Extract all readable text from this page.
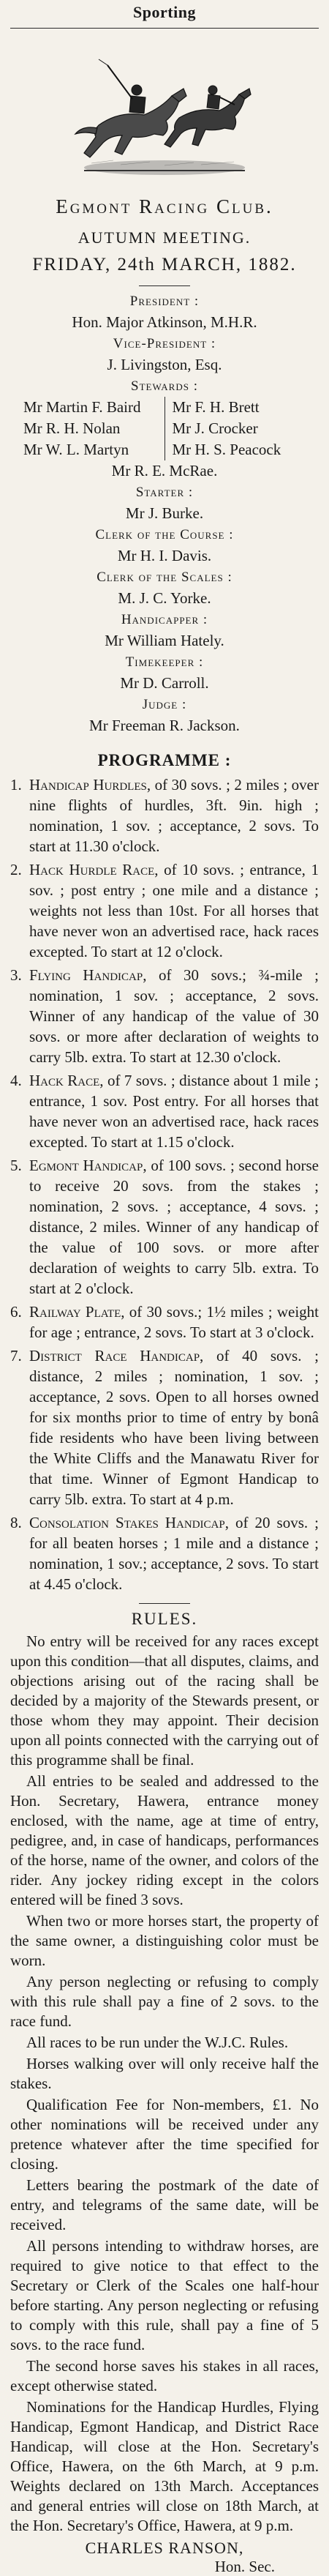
Sporting
Egmont Racing Club.
AUTUMN MEETING.
FRIDAY, 24th MARCH, 1882.
President :
Hon. Major Atkinson, M.H.R.
Vice-President :
J. Livingston, Esq.
Stewards :
Mr Martin F. Baird
Mr R. H. Nolan
Mr W. L. Martyn
Mr F. H. Brett
Mr J. Crocker
Mr H. S. Peacock
Mr R. E. McRae.
Starter :
Mr J. Burke.
Clerk of the Course :
Mr H. I. Davis.
Clerk of the Scales :
M. J. C. Yorke.
Handicapper :
Mr William Hately.
Timekeeper :
Mr D. Carroll.
Judge :
Mr Freeman R. Jackson.
PROGRAMME :
1. Handicap Hurdles, of 30 sovs. ; 2 miles ; over nine flights of hurdles, 3ft. 9in. high ; nomination, 1 sov. ; acceptance, 2 sovs. To start at 11.30 o'clock.
2. Hack Hurdle Race, of 10 sovs. ; entrance, 1 sov. ; post entry ; one mile and a distance ; weights not less than 10st. For all horses that have never won an advertised race, hack races excepted. To start at 12 o'clock.
3. Flying Handicap, of 30 sovs.; ¾-mile ; nomination, 1 sov. ; acceptance, 2 sovs. Winner of any handicap of the value of 30 sovs. or more after declaration of weights to carry 5lb. extra. To start at 12.30 o'clock.
4. Hack Race, of 7 sovs. ; distance about 1 mile ; entrance, 1 sov. Post entry. For all horses that have never won an advertised race, hack races excepted. To start at 1.15 o'clock.
5. Egmont Handicap, of 100 sovs. ; second horse to receive 20 sovs. from the stakes ; nomination, 2 sovs. ; acceptance, 4 sovs. ; distance, 2 miles. Winner of any handicap of the value of 100 sovs. or more after declaration of weights to carry 5lb. extra. To start at 2 o'clock.
6. Railway Plate, of 30 sovs.; 1½ miles ; weight for age ; entrance, 2 sovs. To start at 3 o'clock.
7. District Race Handicap, of 40 sovs. ; distance, 2 miles ; nomination, 1 sov. ; acceptance, 2 sovs. Open to all horses owned for six months prior to time of entry by bonâ fide residents who have been living between the White Cliffs and the Manawatu River for that time. Winner of Egmont Handicap to carry 5lb. extra. To start at 4 p.m.
8. Consolation Stakes Handicap, of 20 sovs. ; for all beaten horses ; 1 mile and a distance ; nomination, 1 sov.; acceptance, 2 sovs. To start at 4.45 o'clock.
RULES.

No entry will be received for any races except upon this condition—that all disputes, claims, and objections arising out of the racing shall be decided by a majority of the Stewards present, or those whom they may appoint. Their decision upon all points connected with the carrying out of this programme shall be final.

All entries to be sealed and addressed to the Hon. Secretary, Hawera, entrance money enclosed, with the name, age at time of entry, pedigree, and, in case of handicaps, performances of the horse, name of the owner, and colors of the rider. Any jockey riding except in the colors entered will be fined 3 sovs.

When two or more horses start, the property of the same owner, a distinguishing color must be worn.

Any person neglecting or refusing to comply with this rule shall pay a fine of 2 sovs. to the race fund.

All races to be run under the W.J.C. Rules.

Horses walking over will only receive half the stakes.

Qualification Fee for Non-members, £1. No other nominations will be received under any pretence whatever after the time specified for closing.

Letters bearing the postmark of the date of entry, and telegrams of the same date, will be received.

All persons intending to withdraw horses, are required to give notice to that effect to the Secretary or Clerk of the Scales one half-hour before starting. Any person neglecting or refusing to comply with this rule, shall pay a fine of 5 sovs. to the race fund.

The second horse saves his stakes in all races, except otherwise stated.

Nominations for the Handicap Hurdles, Flying Handicap, Egmont Handicap, and District Race Handicap, will close at the Hon. Secretary's Office, Hawera, on the 6th March, at 9 p.m. Weights declared on 13th March. Acceptances and general entries will close on 18th March, at the Hon. Secretary's Office, Hawera, at 9 p.m.

CHARLES RANSON,
Hon. Sec.
